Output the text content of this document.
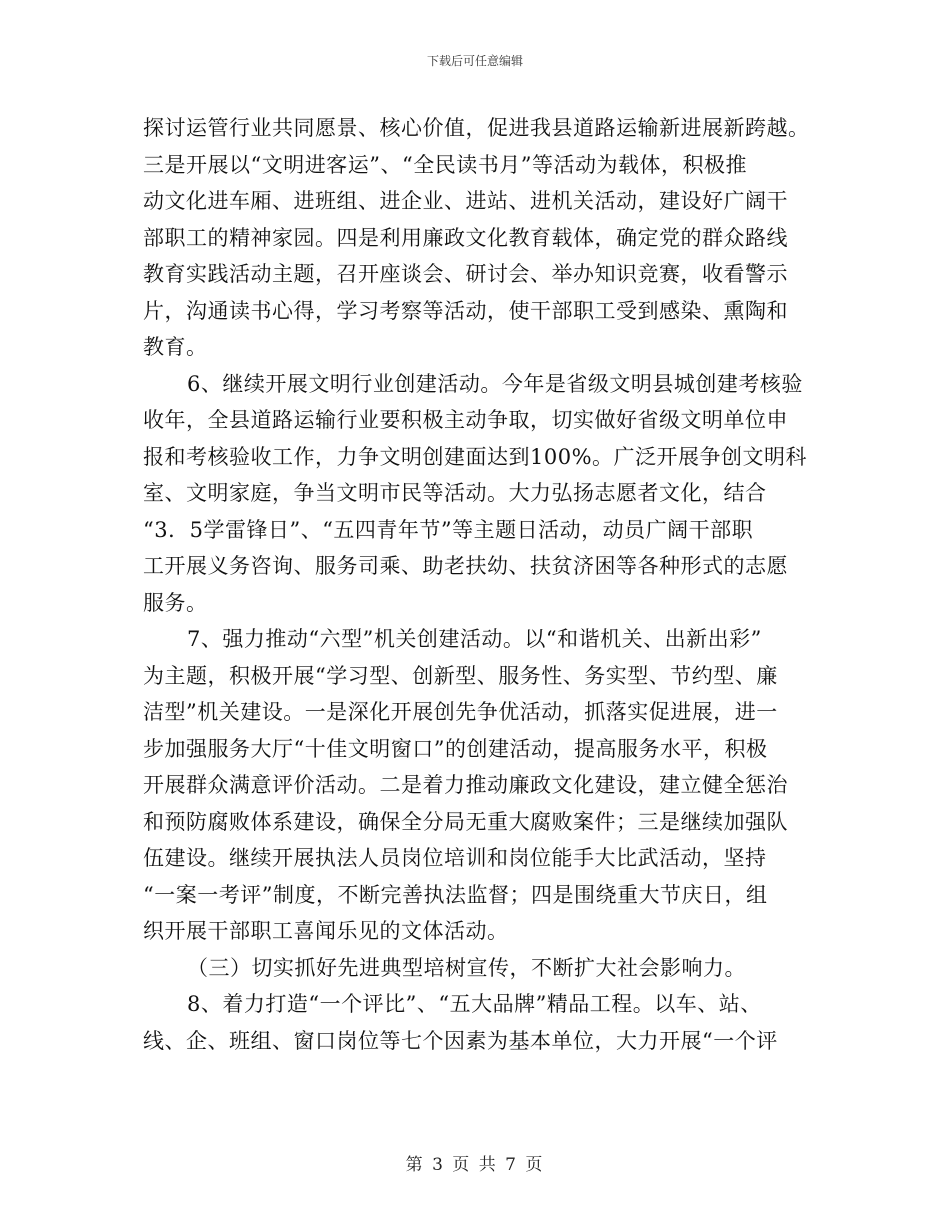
下载后可任意编辑
探讨运管行业共同愿景、核心价值，促进我县道路运输新进展新跨越。
三是开展以“文明进客运”、“全民读书月”等活动为载体，积极推
动文化进车厢、进班组、进企业、进站、进机关活动，建设好广阔干
部职工的精神家园。四是利用廉政文化教育载体，确定党的群众路线
教育实践活动主题，召开座谈会、研讨会、举办知识竞赛，收看警示
片，沟通读书心得，学习考察等活动，使干部职工受到感染、熏陶和
教育。
6、继续开展文明行业创建活动。今年是省级文明县城创建考核验
收年，全县道路运输行业要积极主动争取，切实做好省级文明单位申
报和考核验收工作，力争文明创建面达到100%。广泛开展争创文明科
室、文明家庭，争当文明市民等活动。大力弘扬志愿者文化，结合
“3．5学雷锋日”、“五四青年节”等主题日活动，动员广阔干部职
工开展义务咨询、服务司乘、助老扶幼、扶贫济困等各种形式的志愿
服务。
7、强力推动“六型”机关创建活动。以“和谐机关、出新出彩”
为主题，积极开展“学习型、创新型、服务性、务实型、节约型、廉
洁型”机关建设。一是深化开展创先争优活动，抓落实促进展，进一
步加强服务大厅“十佳文明窗口”的创建活动，提高服务水平，积极
开展群众满意评价活动。二是着力推动廉政文化建设，建立健全惩治
和预防腐败体系建设，确保全分局无重大腐败案件；三是继续加强队
伍建设。继续开展执法人员岗位培训和岗位能手大比武活动，坚持
“一案一考评”制度，不断完善执法监督；四是围绕重大节庆日，组
织开展干部职工喜闻乐见的文体活动。
（三）切实抓好先进典型培树宣传，不断扩大社会影响力。
8、着力打造“一个评比”、“五大品牌”精品工程。以车、站、
线、企、班组、窗口岗位等七个因素为基本单位，大力开展“一个评
第 3 页 共 7 页
